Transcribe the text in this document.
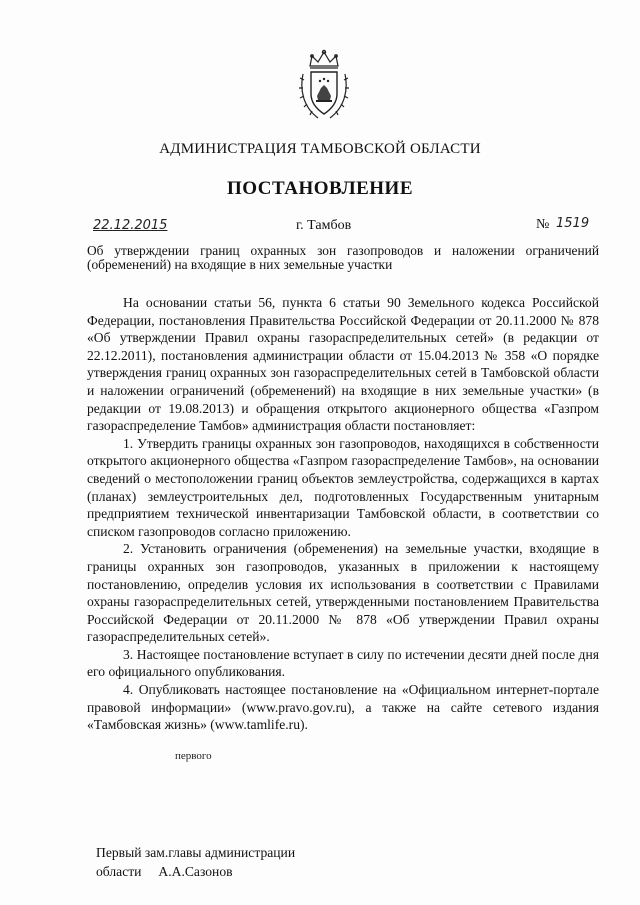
АДМИНИСТРАЦИЯ ТАМБОВСКОЙ ОБЛАСТИ
ПОСТАНОВЛЕНИЕ
22.12.2015	г. Тамбов	№ 1519
Об утверждении границ охранных зон газопроводов и наложении ограничений (обременений) на входящие в них земельные участки

На основании статьи 56, пункта 6 статьи 90 Земельного кодекса Российской Федерации, постановления Правительства Российской Федерации от 20.11.2000 № 878 «Об утверждении Правил охраны газораспределительных сетей» (в редакции от 22.12.2011), постановления администрации области от 15.04.2013 № 358 «О порядке утверждения границ охранных зон газораспределительных сетей в Тамбовской области и наложении ограничений (обременений) на входящие в них земельные участки» (в редакции от 19.08.2013) и обращения открытого акционерного общества «Газпром газораспределение Тамбов» администрация области постановляет:

1. Утвердить границы охранных зон газопроводов, находящихся в собственности открытого акционерного общества «Газпром газораспределение Тамбов», на основании сведений о местоположении границ объектов землеустройства, содержащихся в картах (планах) землеустроительных дел, подготовленных Государственным унитарным предприятием технической инвентаризации Тамбовской области, в соответствии со списком газопроводов согласно приложению.

2. Установить ограничения (обременения) на земельные участки, входящие в границы охранных зон газопроводов, указанных в приложении к настоящему постановлению, определив условия их использования в соответствии с Правилами охраны газораспределительных сетей, утвержденными постановлением Правительства Российской Федерации от 20.11.2000 № 878 «Об утверждении Правил охраны газораспределительных сетей».

3. Настоящее постановление вступает в силу по истечении десяти дней после дня его официального опубликования.

4. Опубликовать настоящее постановление на «Официальном интернет-портале правовой информации» (www.pravo.gov.ru), а также на сайте сетевого издания «Тамбовская жизнь» (www.tamlife.ru).

первого
Первый зам.главы администрации
области     А.А.Сазонов
